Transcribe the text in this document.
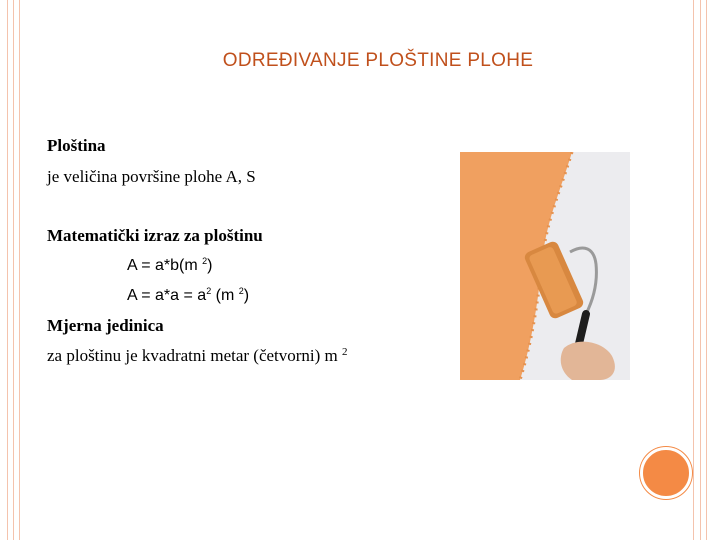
ODREĐIVANJE PLOŠTINE PLOHE
Ploština
je veličina površine plohe A, S
Matematički izraz za ploštinu
A = a*b(m $^2$)
$A = a*a = a^2$ (m $^2$)
Mjerna jedinica
za ploštinu je kvadratni metar (četvorni) m $^2$
